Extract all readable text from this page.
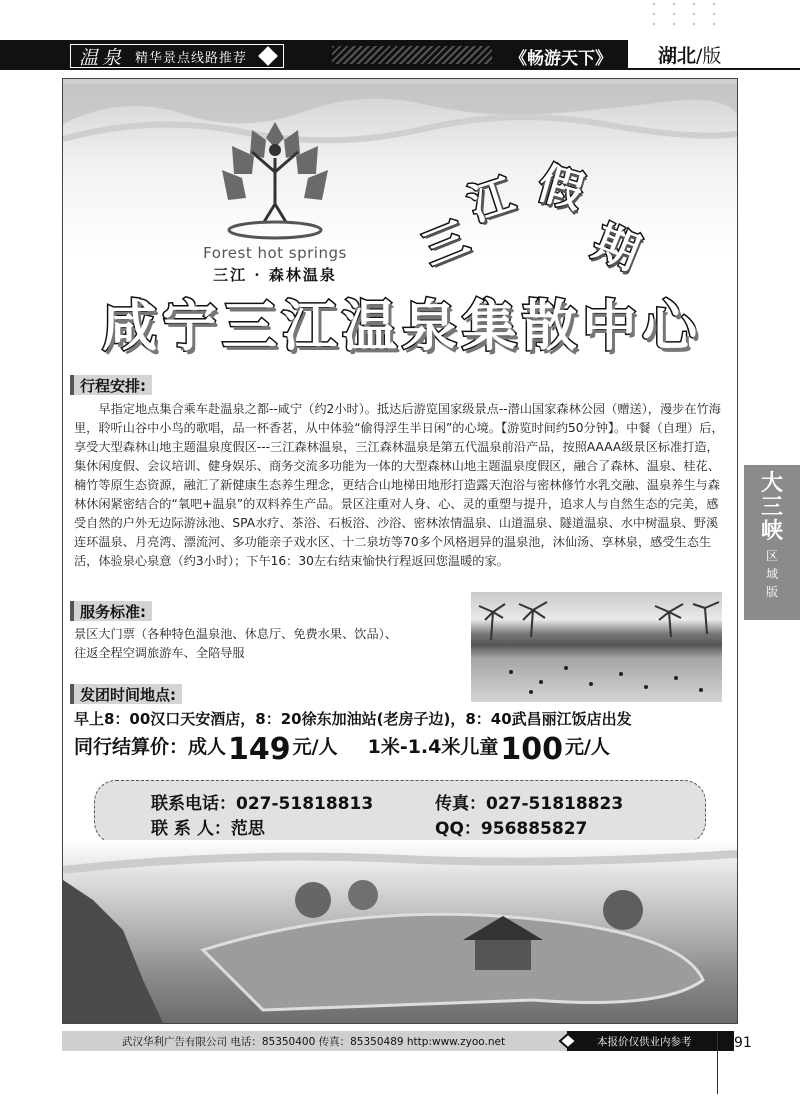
温泉 精华景点线路推荐	《畅游天下》 湖北 /版
Forest hot springs
三江 · 森林温泉	三
江 假
期
咸宁三江温泉集散中心
行程安排:
早指定地点集合乘车赴温泉之都--咸宁（约2小时）。抵达后游览国家级景点--潜山国家森林公园（赠送），漫步在竹海里，聆听山谷中小鸟的歌唱，品一杯香茗，从中体验“偷得浮生半日闲”的心境。【游览时间约50分钟】。中餐（自理）后，享受大型森林山地主题温泉度假区---三江森林温泉，三江森林温泉是第五代温泉前沿产品，按照AAAA级景区标准打造，集休闲度假、会议培训、健身娱乐、商务交流多功能为一体的大型森林山地主题温泉度假区，融合了森林、温泉、桂花、楠竹等原生态资源，融汇了新健康生态养生理念，更结合山地梯田地形打造露天泡浴与密林修竹水乳交融、温泉养生与森林休闲紧密结合的“氧吧+温泉”的双料养生产品。景区注重对人身、心、灵的重塑与提升，追求人与自然生态的完美，感受自然的户外无边际游泳池、SPA水疗、茶浴、石板浴、沙浴、密林浓情温泉、山道温泉、隧道温泉、水中树温泉、野溪连环温泉、月亮湾、漂流河、多功能亲子戏水区、十二泉坊等70多个风格迥异的温泉池，沐仙汤、享林泉，感受生态生活，体验泉心泉意（约3小时）；下午16：30左右结束愉快行程返回您温暖的家。
服务标准:
景区大门票（各种特色温泉池、休息厅、免费水果、饮品）、
往返全程空调旅游车、全陪导服
发团时间地点:
早上8：00汉口天安酒店，8：20徐东加油站(老房子边)，8：40武昌丽江饭店出发
同行结算价：成人 149 元/人 1米-1.4米儿童 100 元/人
联系电话：027-51818813	传真：027-51818823
联 系 人：范思	QQ：956885827
大
三
峡
区
域
版
武汉华利广告有限公司 电话：85350400 传真：85350489 http:www.zyoo.net	本报价仅供业内参考	91
